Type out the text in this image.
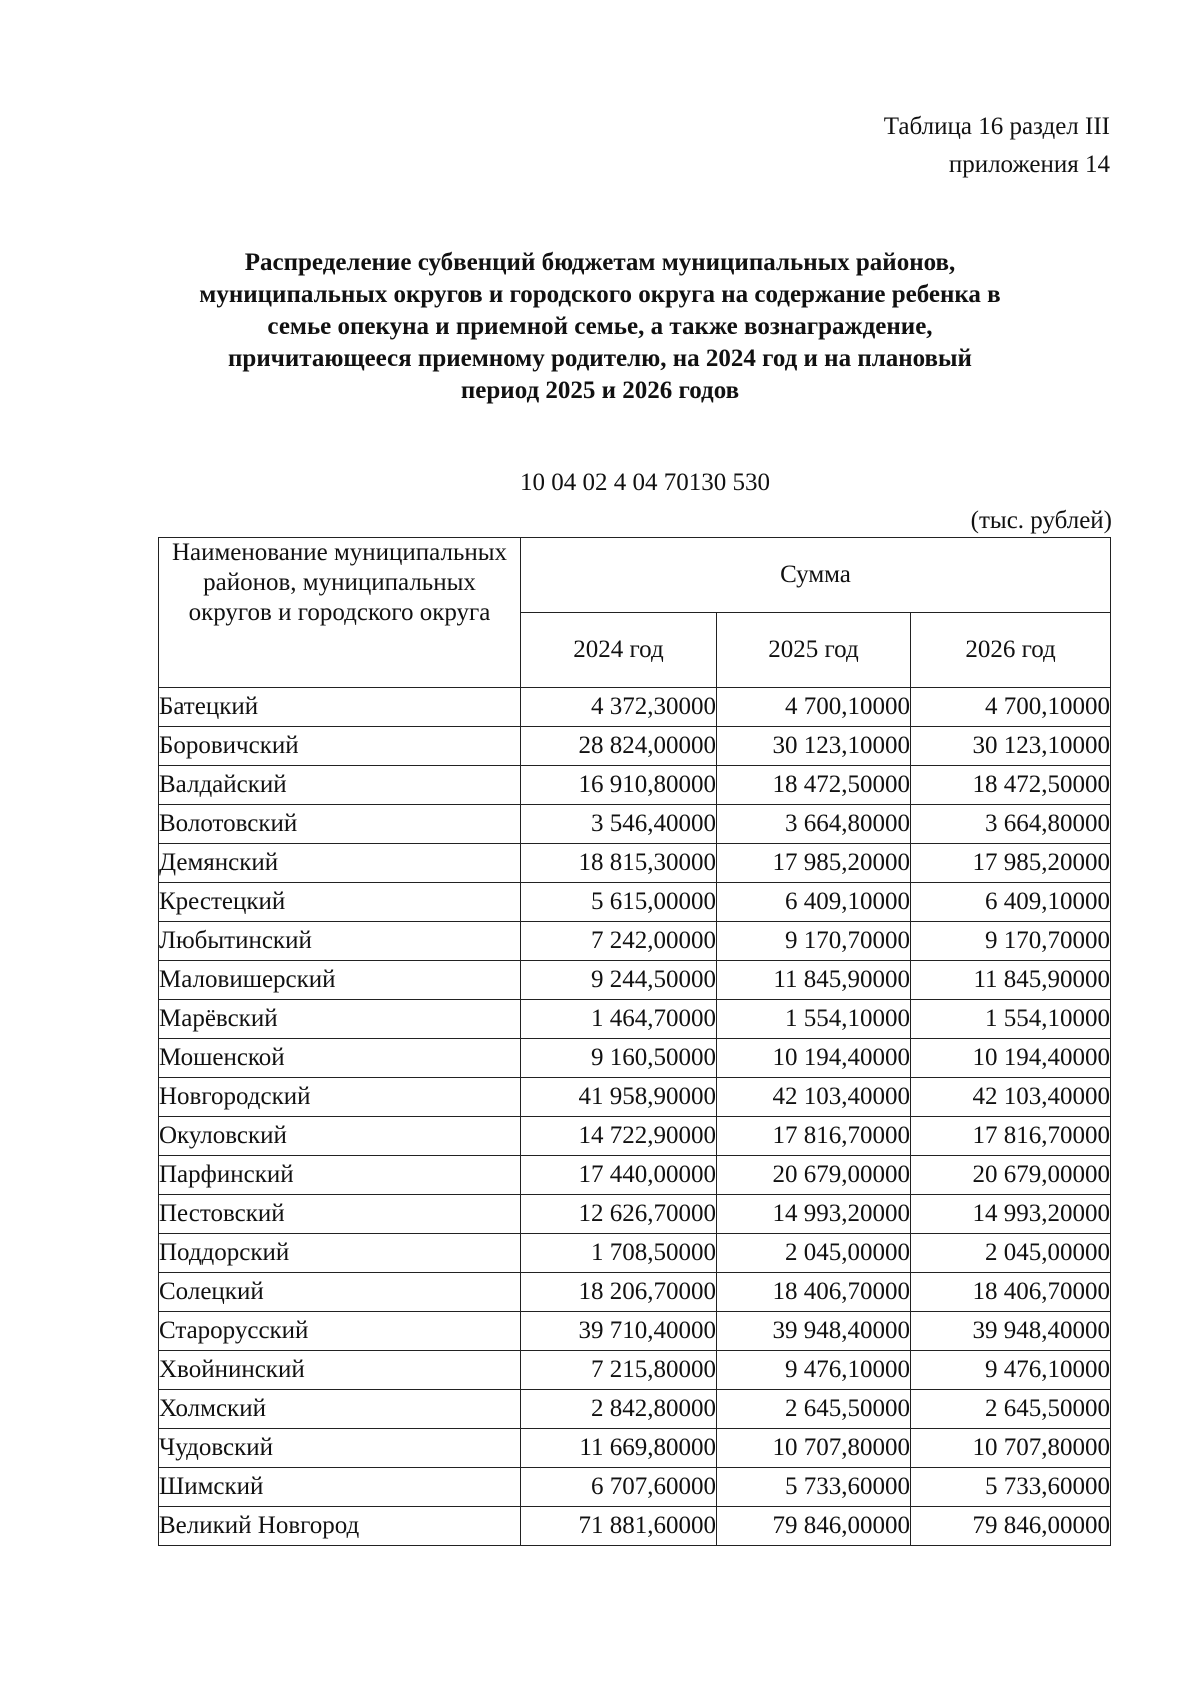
Таблица 16 раздел III
приложения 14
Распределение субвенций бюджетам муниципальных районов,
муниципальных округов и городского округа на содержание ребенка в
семье опекуна и приемной семье, а также вознаграждение,
причитающееся приемному родителю, на 2024 год и на плановый
период 2025 и 2026 годов
10 04 02 4 04 70130 530
(тыс. рублей)
Наименование муниципальных районов, муниципальных округов и городского округа	Сумма		
	2024 год	2025 год	2026 год
Батецкий	4 372,30000	4 700,10000	4 700,10000
Боровичский	28 824,00000	30 123,10000	30 123,10000
Валдайский	16 910,80000	18 472,50000	18 472,50000
Волотовский	3 546,40000	3 664,80000	3 664,80000
Демянский	18 815,30000	17 985,20000	17 985,20000
Крестецкий	5 615,00000	6 409,10000	6 409,10000
Любытинский	7 242,00000	9 170,70000	9 170,70000
Маловишерский	9 244,50000	11 845,90000	11 845,90000
Марёвский	1 464,70000	1 554,10000	1 554,10000
Мошенской	9 160,50000	10 194,40000	10 194,40000
Новгородский	41 958,90000	42 103,40000	42 103,40000
Окуловский	14 722,90000	17 816,70000	17 816,70000
Парфинский	17 440,00000	20 679,00000	20 679,00000
Пестовский	12 626,70000	14 993,20000	14 993,20000
Поддорский	1 708,50000	2 045,00000	2 045,00000
Солецкий	18 206,70000	18 406,70000	18 406,70000
Старорусский	39 710,40000	39 948,40000	39 948,40000
Хвойнинский	7 215,80000	9 476,10000	9 476,10000
Холмский	2 842,80000	2 645,50000	2 645,50000
Чудовский	11 669,80000	10 707,80000	10 707,80000
Шимский	6 707,60000	5 733,60000	5 733,60000
Великий Новгород	71 881,60000	79 846,00000	79 846,00000
